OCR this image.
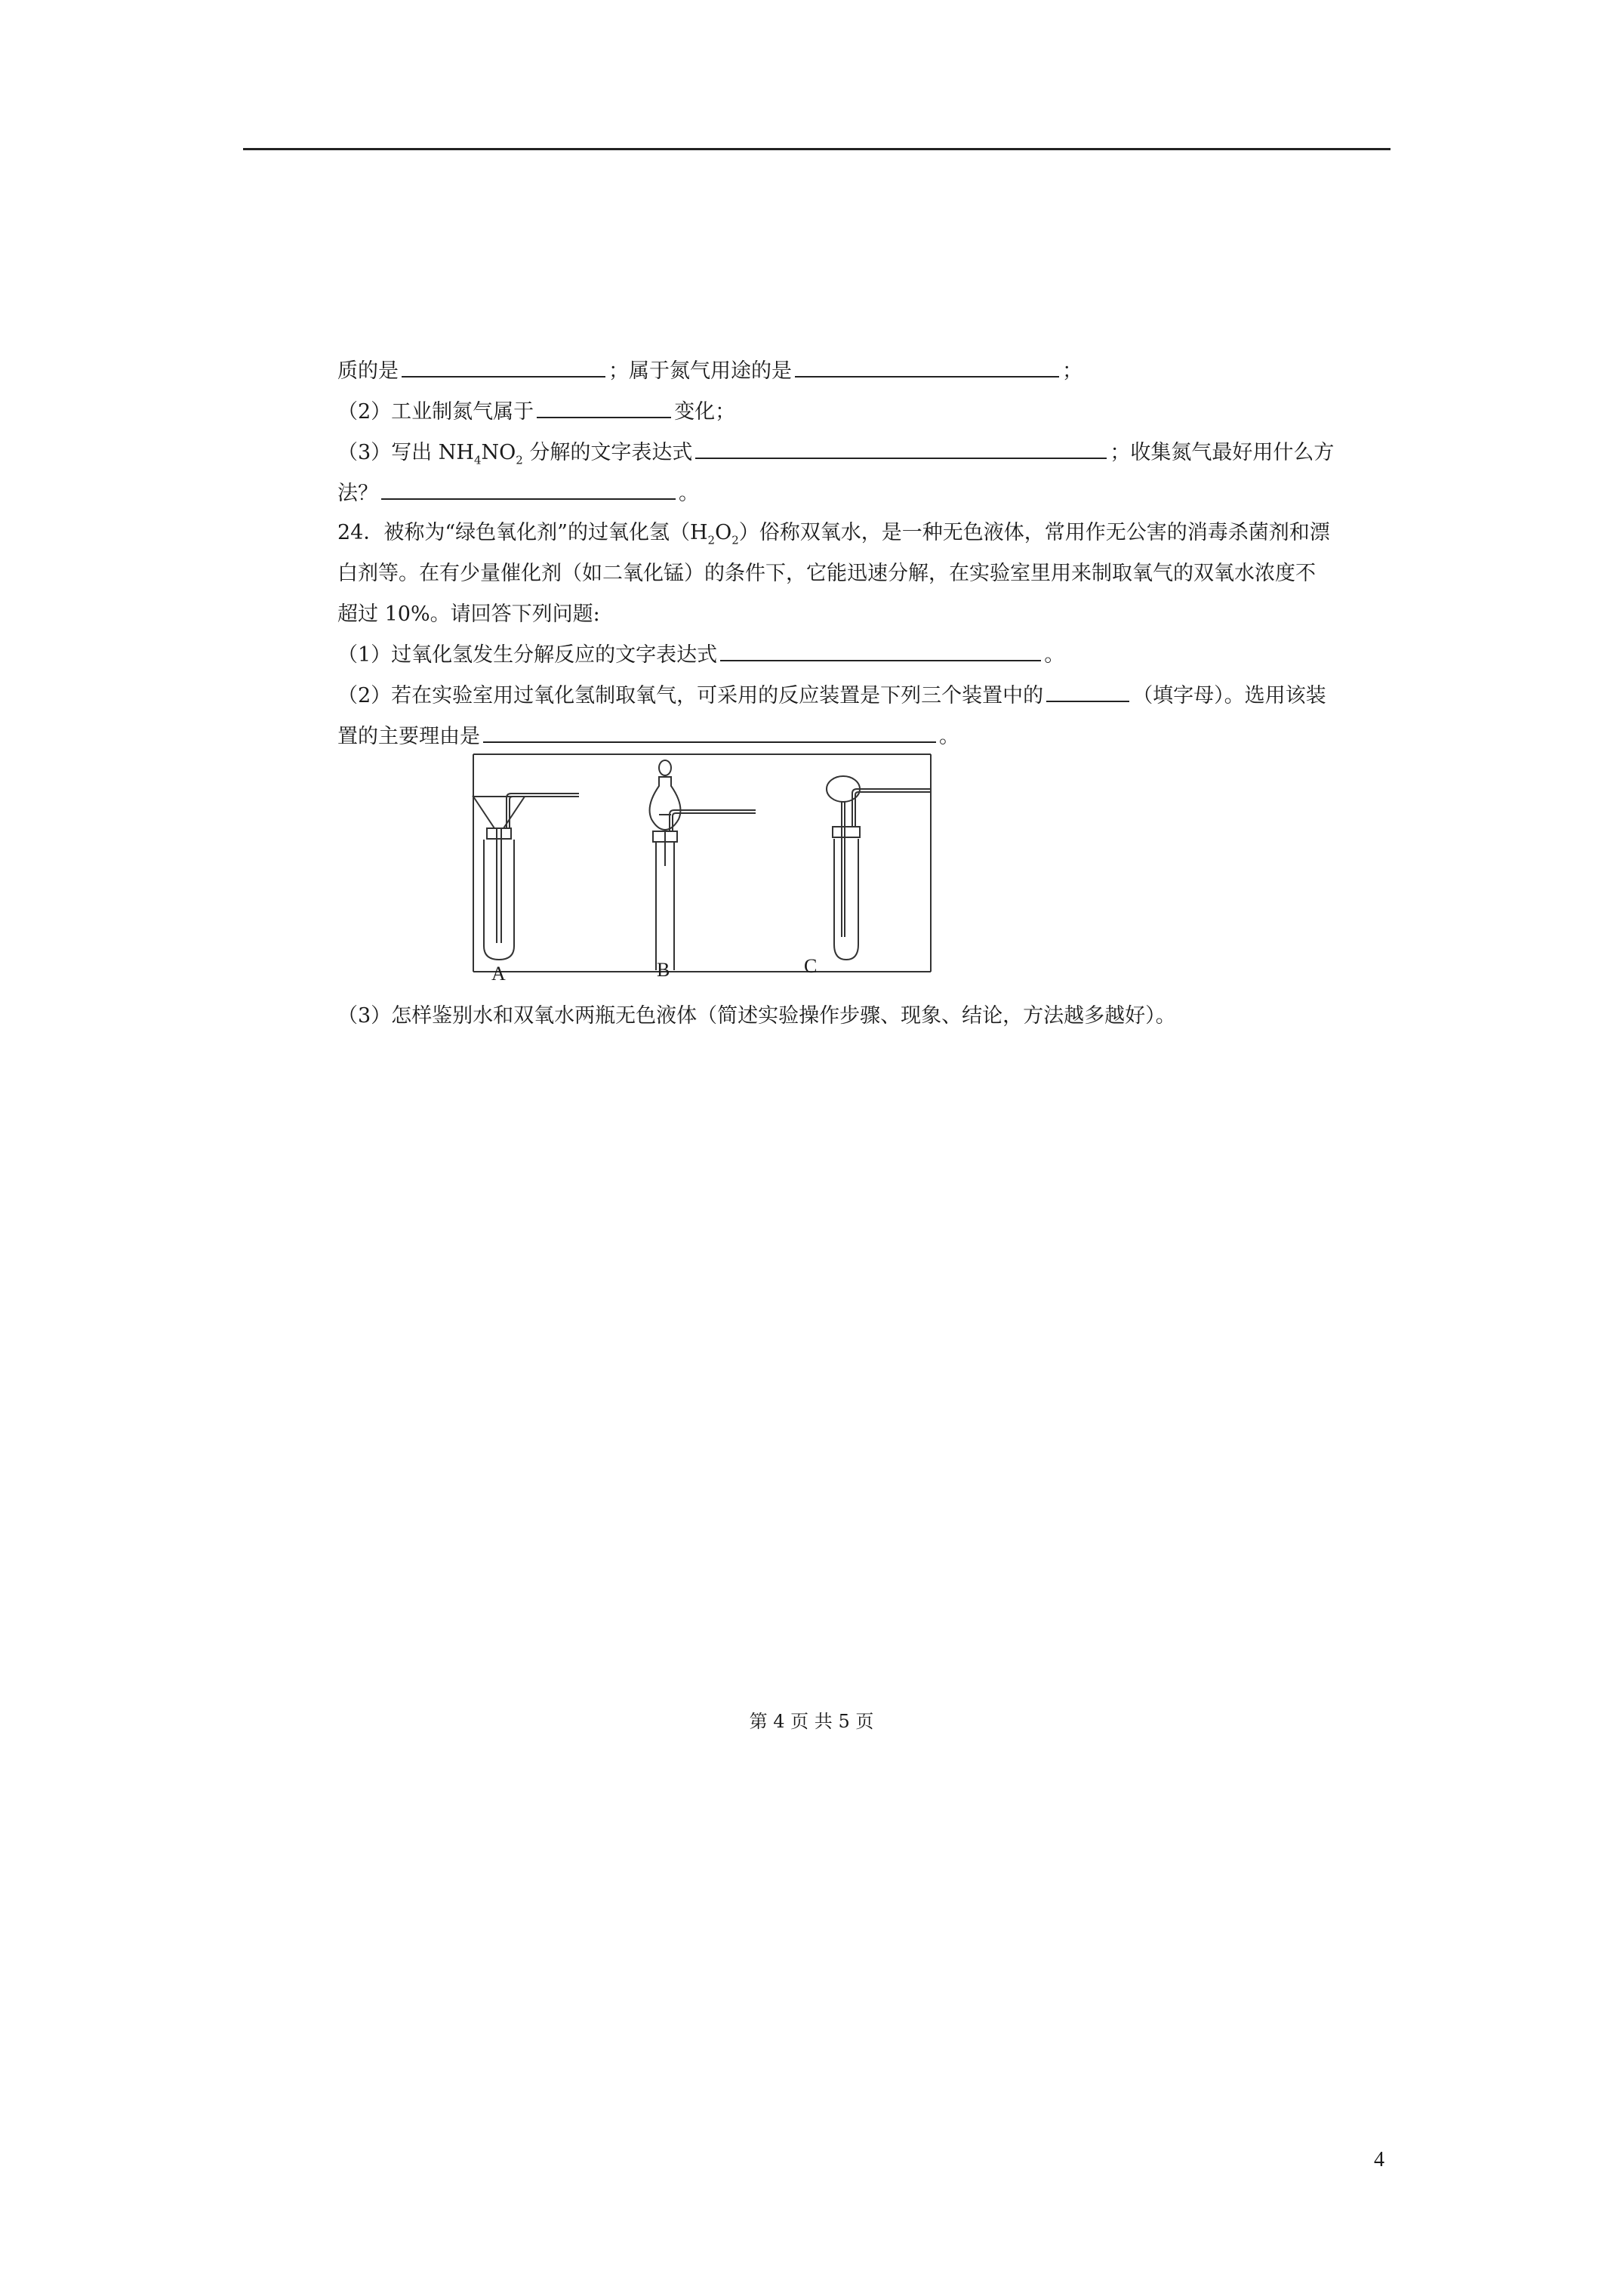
质的是	；属于氮气用途的是	；
（2）工业制氮气属于	变化；
（3）写出 $NH_4NO_2$ 分解的文字表达式	；收集氮气最好用什么方
法？	。
24．被称为“绿色氧化剂”的过氧化氢$(H_2O_2)$俗称双氧水，是一种无色液体，常用作无公害的消毒杀菌剂和漂
白剂等。在有少量催化剂（如二氧化锰）的条件下，它能迅速分解，在实验室里用来制取氧气的双氧水浓度不
超过 10%。请回答下列问题:
（1）过氧化氢发生分解反应的文字表达式	。
（2）若在实验室用过氧化氢制取氧气，可采用的反应装置是下列三个装置中的	（填字母）。选用该装
置的主要理由是	。
A	B	C
（3）怎样鉴别水和双氧水两瓶无色液体（简述实验操作步骤、现象、结论，方法越多越好）。
第 4 页 共 5 页
4
